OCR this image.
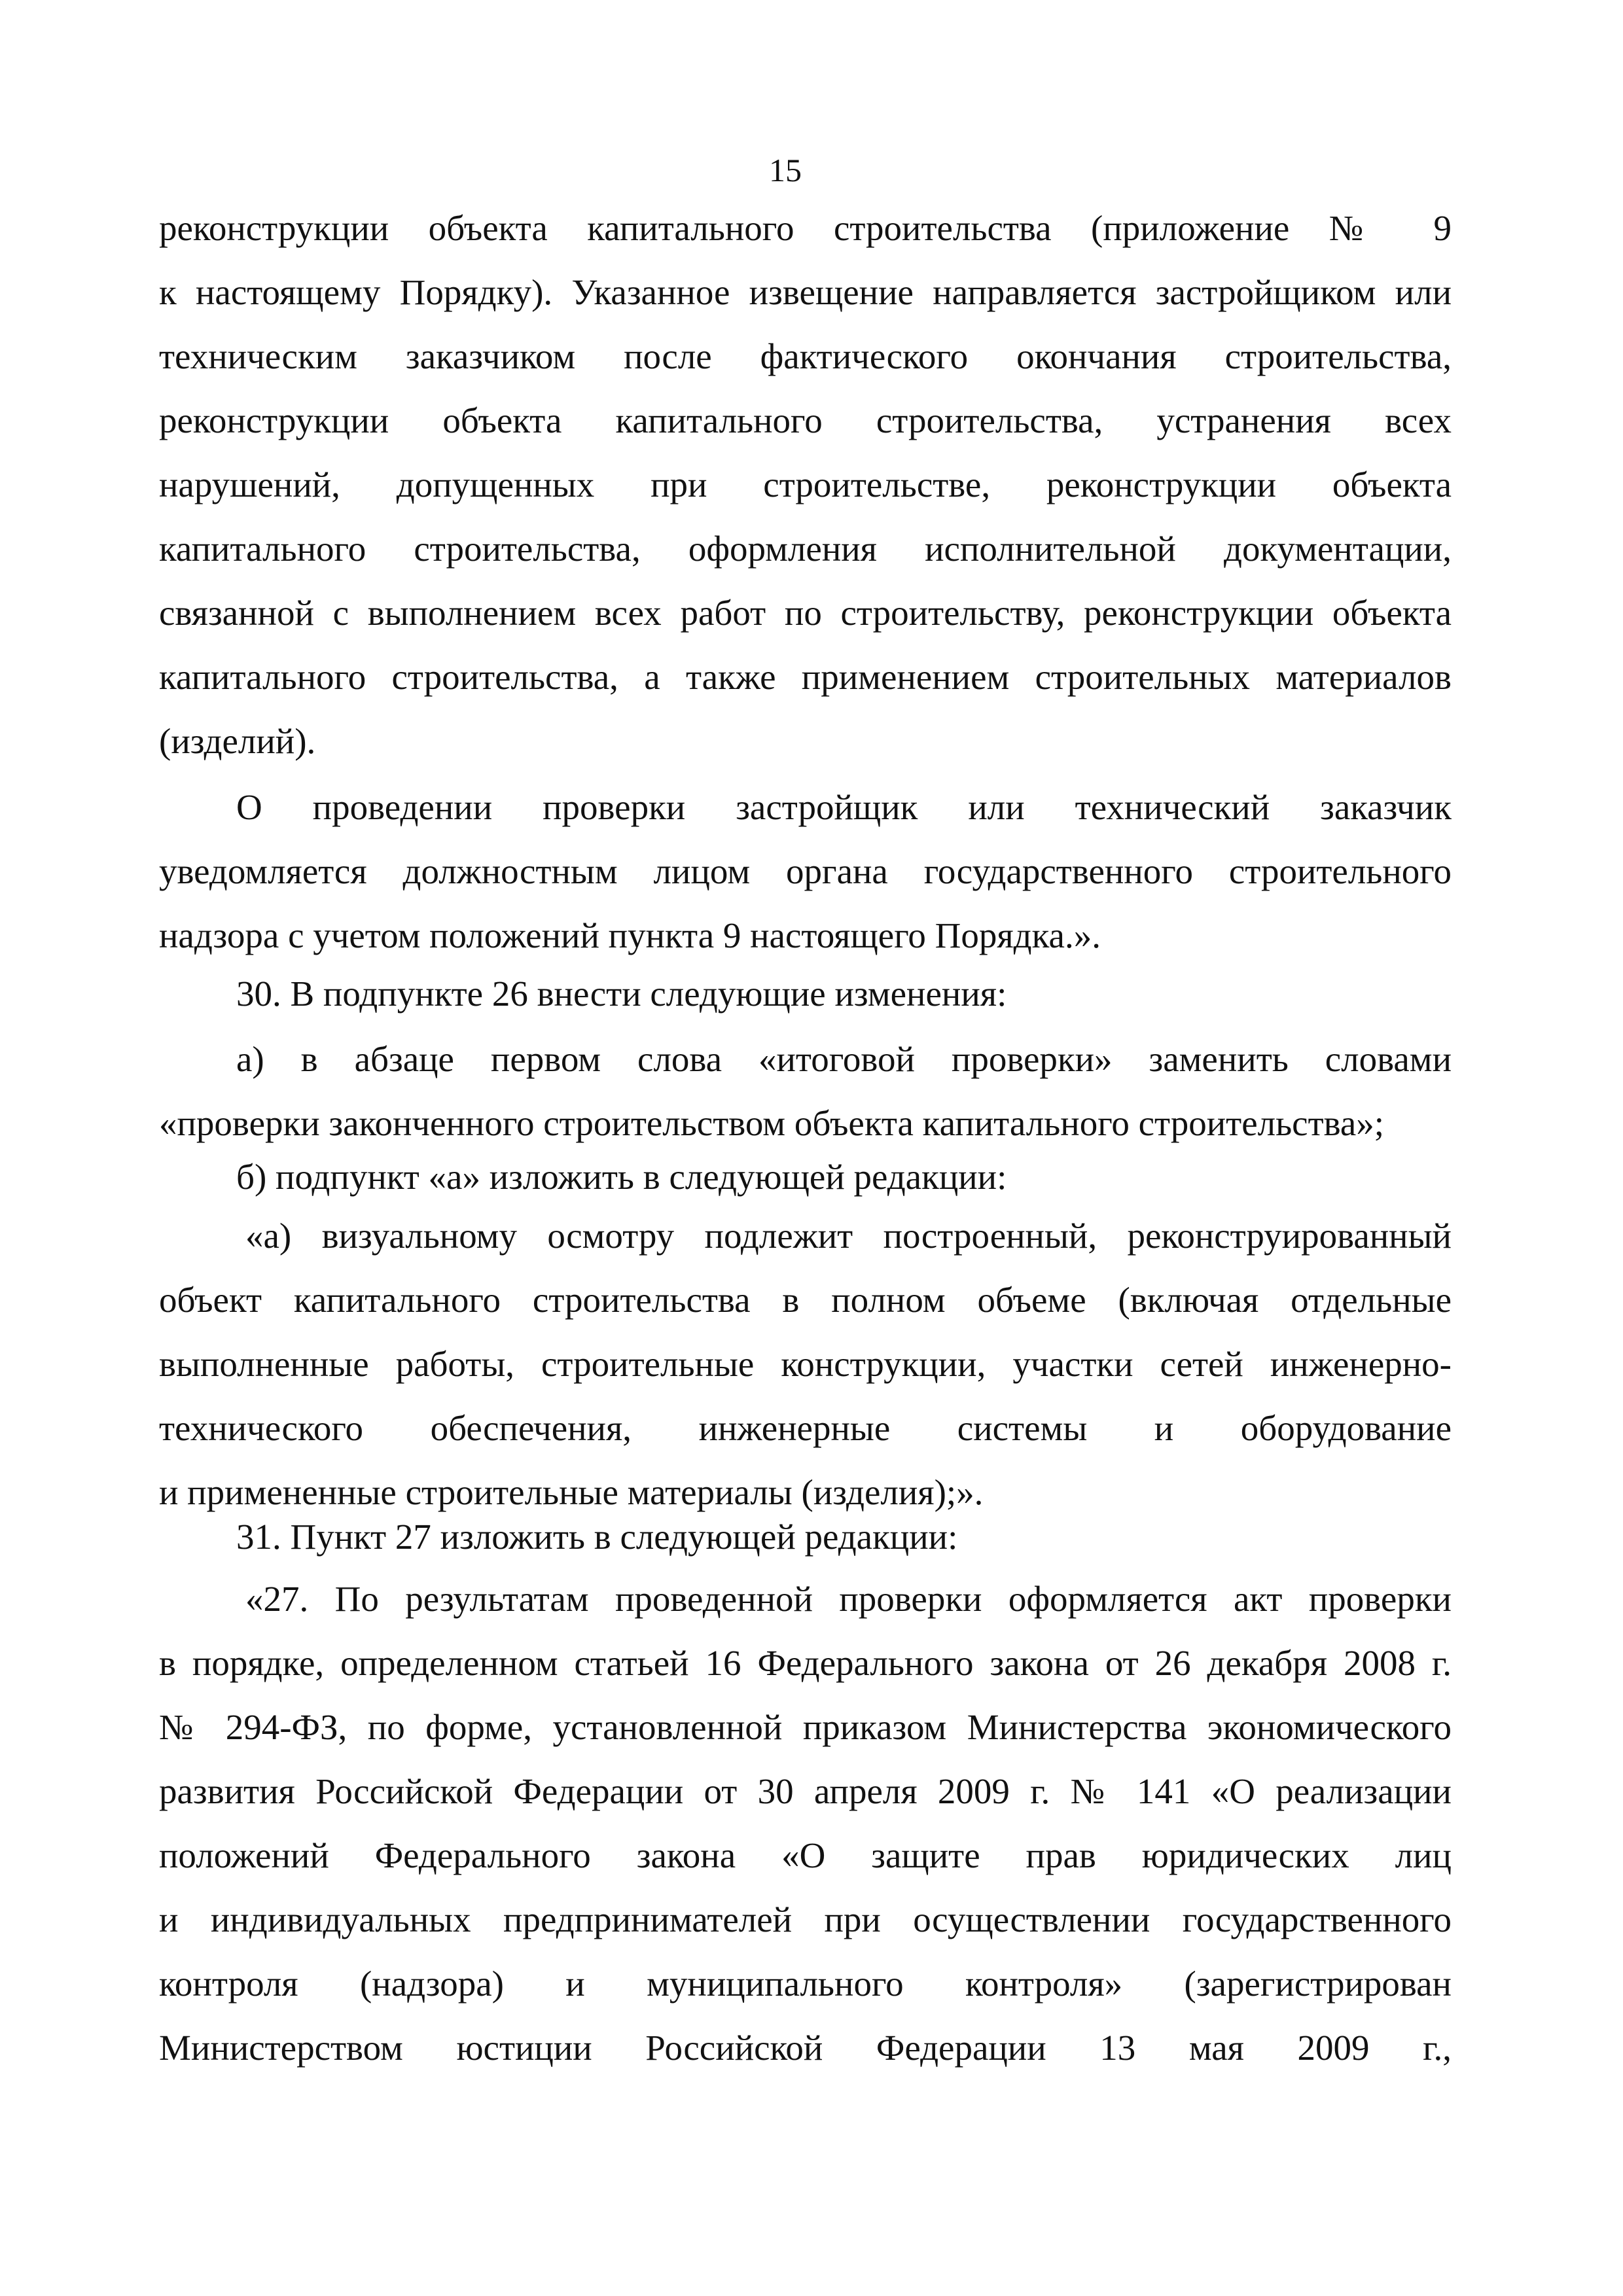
15
реконструкции объекта капитального строительства (приложение № 9
к настоящему Порядку). Указанное извещение направляется застройщиком или
техническим заказчиком после фактического окончания строительства,
реконструкции объекта капитального строительства, устранения всех
нарушений, допущенных при строительстве, реконструкции объекта
капитального строительства, оформления исполнительной документации,
связанной с выполнением всех работ по строительству, реконструкции объекта
капитального строительства, а также применением строительных материалов
(изделий).
О проведении проверки застройщик или технический заказчик
уведомляется должностным лицом органа государственного строительного
надзора с учетом положений пункта 9 настоящего Порядка.».
30. В подпункте 26 внести следующие изменения:
а) в абзаце первом слова «итоговой проверки» заменить словами
«проверки законченного строительством объекта капитального строительства»;
б) подпункт «а» изложить в следующей редакции:
«а) визуальному осмотру подлежит построенный, реконструированный
объект капитального строительства в полном объеме (включая отдельные
выполненные работы, строительные конструкции, участки сетей инженерно-
технического обеспечения, инженерные системы и оборудование
и примененные строительные материалы (изделия);».
31. Пункт 27 изложить в следующей редакции:
«27. По результатам проведенной проверки оформляется акт проверки
в порядке, определенном статьей 16 Федерального закона от 26 декабря 2008 г.
№ 294-ФЗ, по форме, установленной приказом Министерства экономического
развития Российской Федерации от 30 апреля 2009 г. № 141 «О реализации
положений Федерального закона «О защите прав юридических лиц
и индивидуальных предпринимателей при осуществлении государственного
контроля (надзора) и муниципального контроля» (зарегистрирован
Министерством юстиции Российской Федерации 13 мая 2009 г.,
